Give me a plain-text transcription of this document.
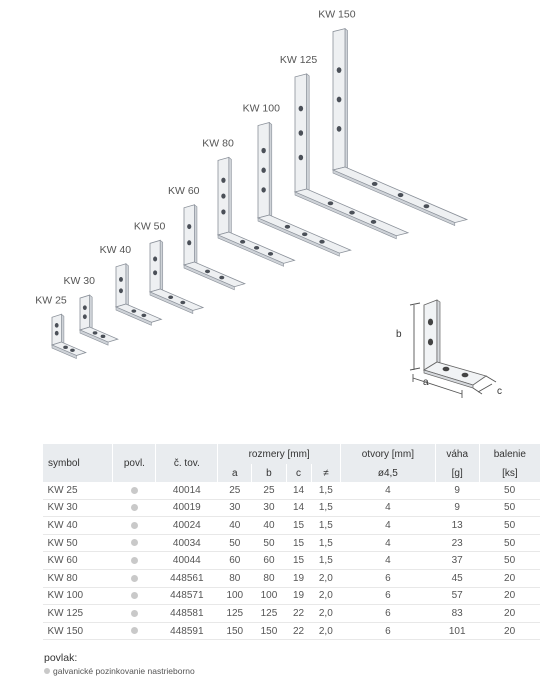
KW 25
KW 30
KW 40
KW 50
KW 60
KW 80
KW 100
KW 125
KW 150
b
a
c
symbol	povl.	č. tov.	rozmery [mm]				otvory [mm]	váha	balenie
			a	b	c	≠	ø4,5	[g]	[ks]
KW 25		40014	25	25	14	1,5	4	9	50
KW 30		40019	30	30	14	1,5	4	9	50
KW 40		40024	40	40	15	1,5	4	13	50
KW 50		40034	50	50	15	1,5	4	23	50
KW 60		40044	60	60	15	1,5	4	37	50
KW 80		448561	80	80	19	2,0	6	45	20
KW 100		448571	100	100	19	2,0	6	57	20
KW 125		448581	125	125	22	2,0	6	83	20
KW 150		448591	150	150	22	2,0	6	101	20
povlak:
galvanické pozinkovanie nastrieborno
